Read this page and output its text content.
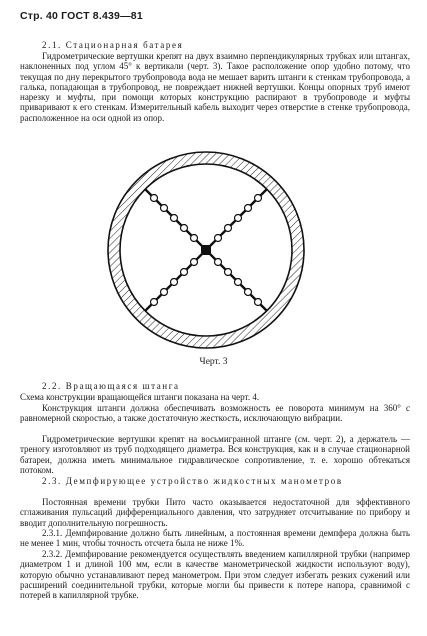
Стр. 40 ГОСТ 8.439—81
2.1. Стационарная батарея
Гидрометрические вертушки крепят на двух взаимно перпендикулярных трубках или штангах, наклоненных под углом 45° к вертикали (черт. 3). Такое расположение опор удобно потому, что текущая по дну перекрытого трубопровода вода не мешает варить штанги к стенкам трубопровода, а галька, попадающая в трубопровод, не повреждает нижней вертушки. Концы опорных труб имеют нарезку и муфты, при помощи которых конструкцию распирают в трубопроводе и муфты приваривают к его стенкам. Измерительный кабель выходит через отверстие в стенке трубопровода, расположенное на оси одной из опор.
Черт. 3
2.2. Вращающаяся штанга
Схема конструкции вращающейся штанги показана на черт. 4.
Конструкция штанги должна обеспечивать возможность ее поворота минимум на 360° с равномерной скоростью, а также достаточную жесткость, исключающую вибрации.
Гидрометрические вертушки крепят на восьмигранной штанге (см. черт. 2), а держатель — треногу изготовляют из труб подходящего диаметра. Вся конструкция, как и в случае стационарной батареи, должна иметь минимальное гидравлическое сопротивление, т. е. хорошо обтекаться потоком.
2.3. Демпфирующее устройство жидкостных манометров
Постоянная времени трубки Пито часто оказывается недостаточной для эффективного сглаживания пульсаций дифференциального давления, что затрудняет отсчитывание по прибору и вводит дополнительную погрешность.
2.3.1. Демпфирование должно быть линейным, а постоянная времени демпфера должна быть не менее 1 мин, чтобы точность отсчета была не ниже 1%.
2.3.2. Демпфирование рекомендуется осуществлять введением капиллярной трубки (например диаметром 1 и длиной 100 мм, если в качестве манометрической жидкости используют воду), которую обычно устанавливают перед манометром. При этом следует избегать резких сужений или расширений соединительной трубки, которые могли бы привести к потере напора, сравнимой с потерей в капиллярной трубке.
